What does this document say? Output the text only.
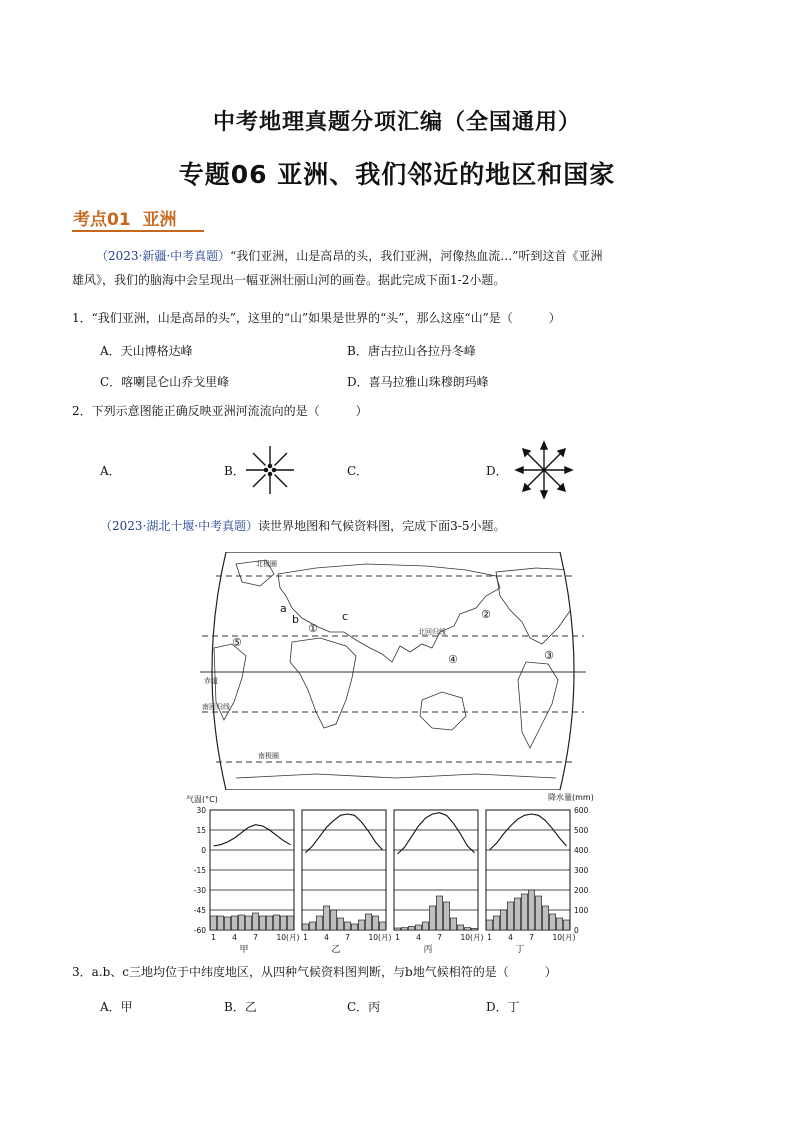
中考地理真题分项汇编（全国通用）
专题06 亚洲、我们邻近的地区和国家
考点01  亚洲
（2023·新疆·中考真题）“我们亚洲，山是高昂的头，我们亚洲，河像热血流…”听到这首《亚洲
雄风》，我们的脑海中会呈现出一幅亚洲壮丽山河的画卷。据此完成下面1-2小题。
1．“我们亚洲，山是高昂的头”，这里的“山”如果是世界的“头”，那么这座“山”是（　　　）
A．天山博格达峰	B．唐古拉山各拉丹冬峰
C．喀喇昆仑山乔戈里峰	D．喜马拉雅山珠穆朗玛峰
2．下列示意图能正确反映亚洲河流流向的是（　　　）
A．	B．	C．	D．
（2023·湖北十堰·中考真题）读世界地图和气候资料图，完成下面3-5小题。
北极圈
北回归线
赤道
南回归线
南极圈
a
b	c
①
②
③
④
⑤
气温(°C)	降水量(mm)
30
15
0
-15
-30
-45
-60
600
500
400
300
200
100
0
1 4 7 10(月)
甲
1 4 7 10(月)
乙
1 4 7 10(月)
丙
1 4 7 10(月)
丁
3．a.b、c三地均位于中纬度地区，从四种气候资料图判断，与b地气候相符的是（　　　）
A．甲	B．乙	C．丙	D．丁
